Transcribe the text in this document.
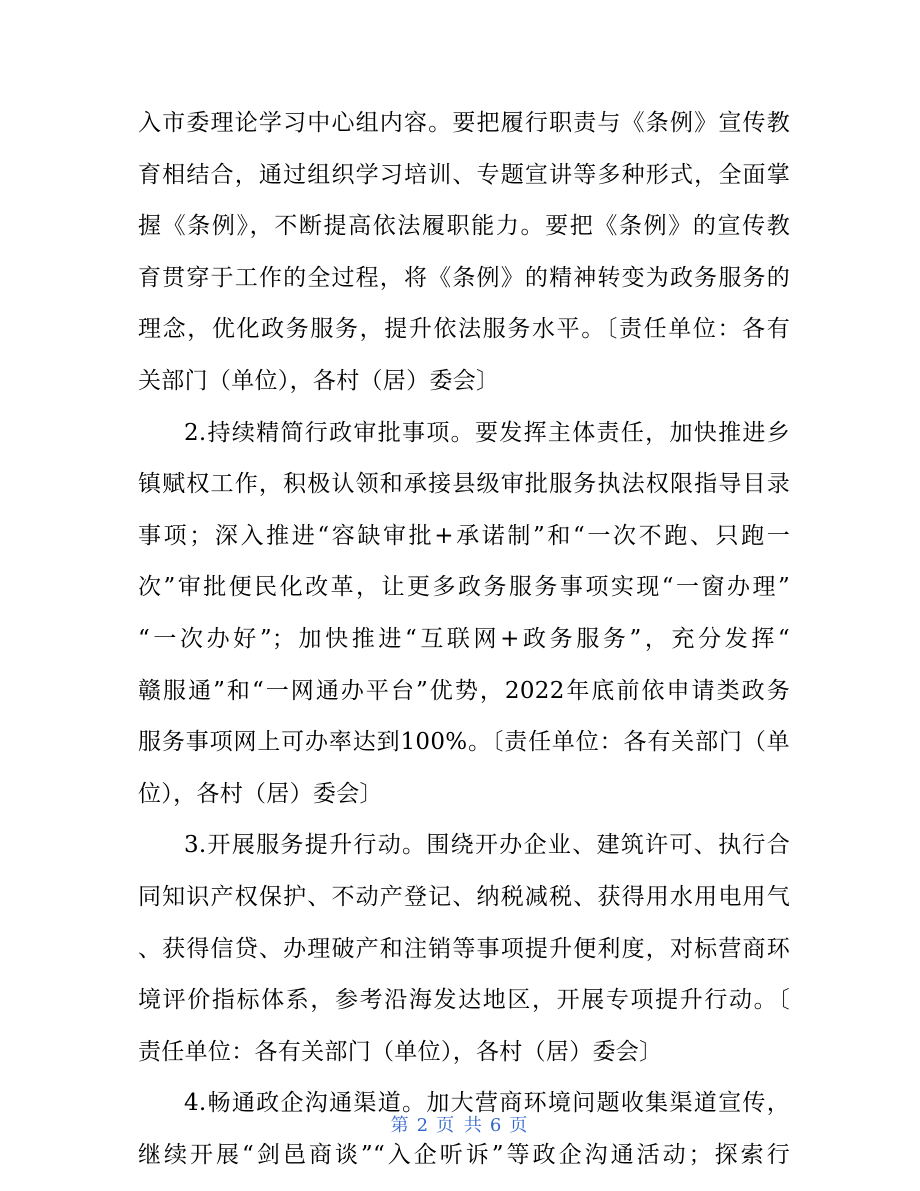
入市委理论学习中心组内容。要把履行职责与《条例》宣传教
育相结合，通过组织学习培训、专题宣讲等多种形式，全面掌
握《条例》，不断提高依法履职能力。要把《条例》的宣传教
育贯穿于工作的全过程，将《条例》的精神转变为政务服务的
理念，优化政务服务，提升依法服务水平。〔责任单位：各有
关部门（单位），各村（居）委会〕
2.持续精简行政审批事项。要发挥主体责任，加快推进乡
镇赋权工作，积极认领和承接县级审批服务执法权限指导目录
事项；深入推进“容缺审批+承诺制”和“一次不跑、只跑一
次”审批便民化改革，让更多政务服务事项实现“一窗办理”
“一次办好”；加快推进“互联网+政务服务”，充分发挥“
赣服通”和“一网通办平台”优势，2022年底前依申请类政务
服务事项网上可办率达到100%。〔责任单位：各有关部门（单
位），各村（居）委会〕
3.开展服务提升行动。围绕开办企业、建筑许可、执行合
同知识产权保护、不动产登记、纳税减税、获得用水用电用气
、获得信贷、办理破产和注销等事项提升便利度，对标营商环
境评价指标体系，参考沿海发达地区，开展专项提升行动。〔
责任单位：各有关部门（单位），各村（居）委会〕
4.畅通政企沟通渠道。加大营商环境问题收集渠道宣传，
继续开展“剑邑商谈”“入企听诉”等政企沟通活动；探索行
第 2 页 共 6 页
